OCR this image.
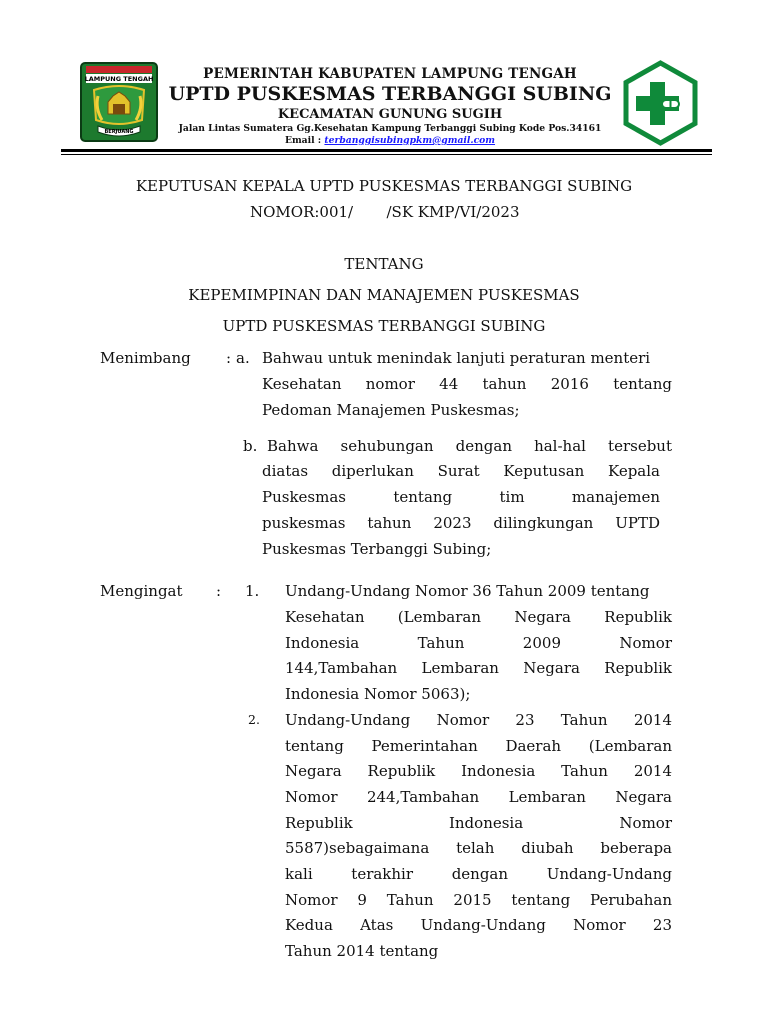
LAMPUNG TENGAH
BERJUANG
PEMERINTAH KABUPATEN LAMPUNG TENGAH
UPTD PUSKESMAS TERBANGGI SUBING
KECAMATAN GUNUNG SUGIH
Jalan Lintas Sumatera Gg.Kesehatan Kampung Terbanggi Subing Kode Pos.34161
Email : terbanggisubingpkm@gmail.com
KEPUTUSAN KEPALA UPTD PUSKESMAS TERBANGGI SUBING
NOMOR:001/       /SK KMP/VI/2023
TENTANG
KEPEMIMPINAN DAN MANAJEMEN PUSKESMAS
UPTD PUSKESMAS TERBANGGI SUBING
Menimbang : a. Bahwau untuk menindak lanjuti peraturan menteri
Kesehatan nomor 44 tahun 2016 tentang
Pedoman Manajemen Puskesmas;
b. Bahwa sehubungan dengan hal-hal tersebut
diatas diperlukan Surat Keputusan Kepala
Puskesmas tentang tim manajemen
puskesmas tahun 2023 dilingkungan UPTD
Puskesmas Terbanggi Subing;
Mengingat : 1. Undang-Undang Nomor 36 Tahun 2009 tentang
Kesehatan (Lembaran Negara Republik
Indonesia Tahun 2009 Nomor
144,Tambahan Lembaran Negara Republik
Indonesia Nomor 5063);
2. Undang-Undang Nomor 23 Tahun 2014
tentang Pemerintahan Daerah (Lembaran
Negara Republik Indonesia Tahun 2014
Nomor 244,Tambahan Lembaran Negara
Republik Indonesia Nomor
5587)sebagaimana telah diubah beberapa
kali terakhir dengan Undang-Undang
Nomor 9 Tahun 2015 tentang Perubahan
Kedua Atas Undang-Undang Nomor 23
Tahun 2014 tentang
